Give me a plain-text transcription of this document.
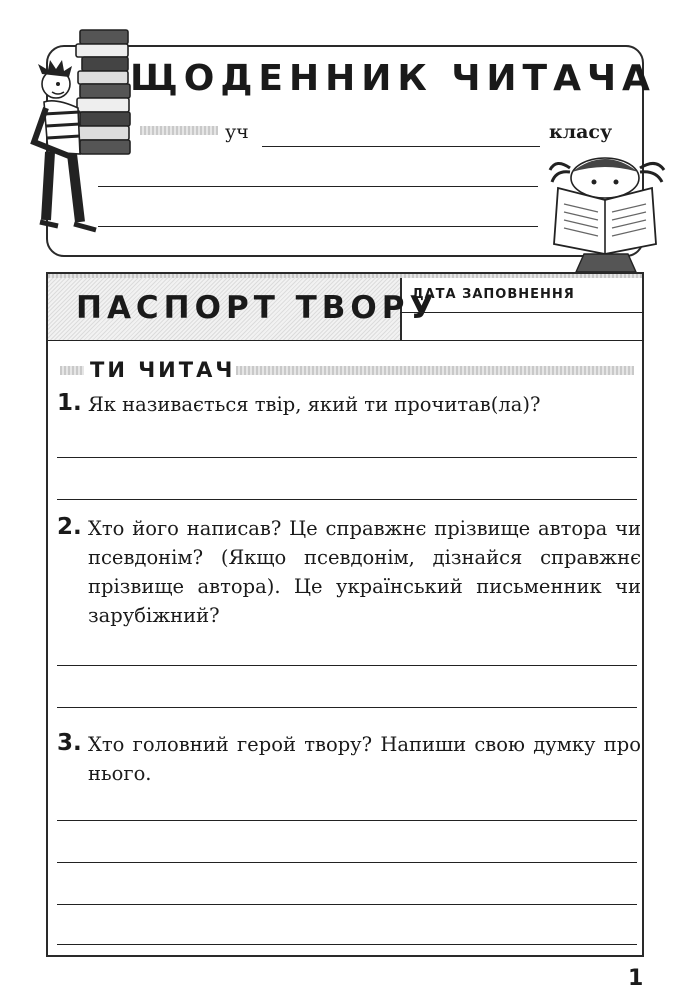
ЩОДЕННИК ЧИТАЧА
уч	класу
ПАСПОРТ ТВОРУ
ДАТА ЗАПОВНЕННЯ
ТИ ЧИТАЧ
1. Як називається твір, який ти прочитав(ла)?
2. Хто його написав? Це справжнє прізвище автора чи псевдонім? (Якщо псевдонім, дізнайся справжнє прізвище автора). Це український письменник чи зарубіжний?
3. Хто головний герой твору? Напиши свою думку про нього.
1
